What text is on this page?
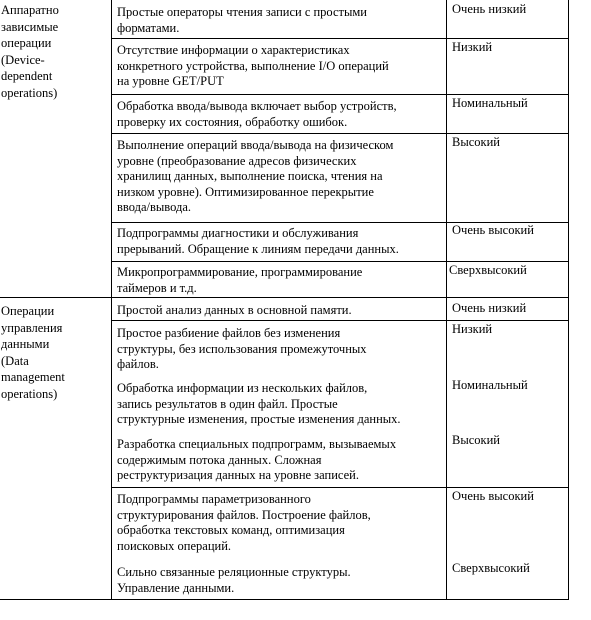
Аппаратно
зависимые
операции
(Device-
dependent
operations)
Операции
управления
данными
(Data
management
operations)
Простые операторы чтения записи с простыми
форматами.
Отсутствие информации о характеристиках
конкретного устройства, выполнение I/O операций
на уровне GET/PUT
Обработка ввода/вывода включает выбор устройств,
проверку их состояния, обработку ошибок.
Выполнение операций ввода/вывода на физическом
уровне (преобразование адресов физических
хранилищ данных, выполнение поиска, чтения на
низком уровне). Оптимизированное перекрытие
ввода/вывода.
Подпрограммы диагностики и обслуживания
прерываний. Обращение к линиям передачи данных.
Микропрограммирование, программирование
таймеров и т.д.
Простой анализ данных в основной памяти.
Простое разбиение файлов без изменения
структуры, без использования промежуточных
файлов.
Обработка информации из нескольких файлов,
запись результатов в один файл. Простые
структурные изменения, простые изменения данных.
Разработка специальных подпрограмм, вызываемых
содержимым потока данных. Сложная
реструктуризация данных на уровне записей.
Подпрограммы параметризованного
структурирования файлов. Построение файлов,
обработка текстовых команд, оптимизация
поисковых операций.
Сильно связанные реляционные структуры.
Управление данными.
Очень низкий
Низкий
Номинальный
Высокий
Очень высокий
Сверхвысокий
Очень низкий
Низкий
Номинальный
Высокий
Очень высокий
Сверхвысокий
